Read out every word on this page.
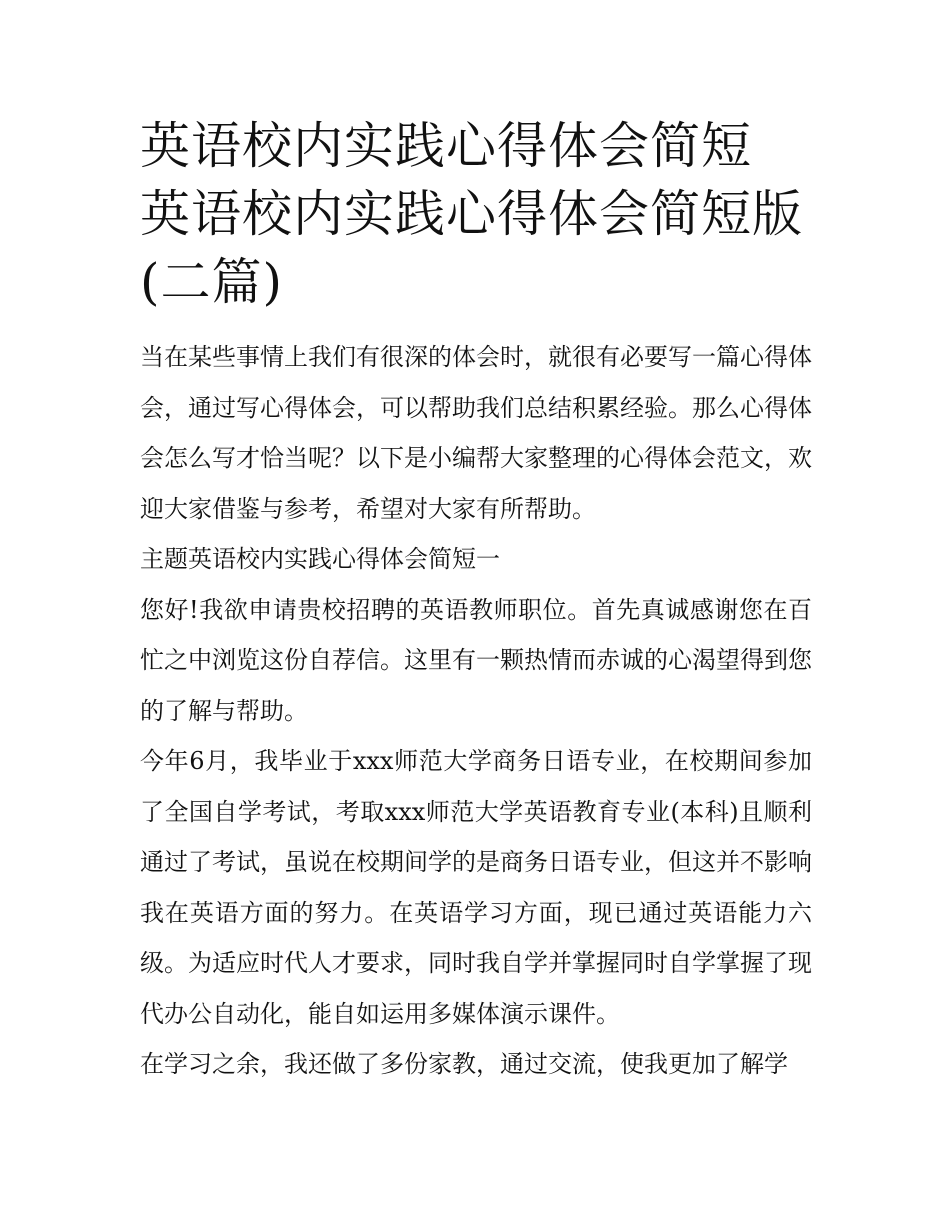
英语校内实践心得体会简短 英语校内实践心得体会简短版(二篇)

当在某些事情上我们有很深的体会时，就很有必要写一篇心得体会，通过写心得体会，可以帮助我们总结积累经验。那么心得体会怎么写才恰当呢？以下是小编帮大家整理的心得体会范文，欢迎大家借鉴与参考，希望对大家有所帮助。

主题英语校内实践心得体会简短一

您好!我欲申请贵校招聘的英语教师职位。首先真诚感谢您在百忙之中浏览这份自荐信。这里有一颗热情而赤诚的心渴望得到您的了解与帮助。

今年6月，我毕业于xxx师范大学商务日语专业，在校期间参加了全国自学考试，考取xxx师范大学英语教育专业(本科)且顺利通过了考试，虽说在校期间学的是商务日语专业，但这并不影响我在英语方面的努力。在英语学习方面，现已通过英语能力六级。为适应时代人才要求，同时我自学并掌握同时自学掌握了现代办公自动化，能自如运用多媒体演示课件。

在学习之余，我还做了多份家教，通过交流，使我更加了解学
